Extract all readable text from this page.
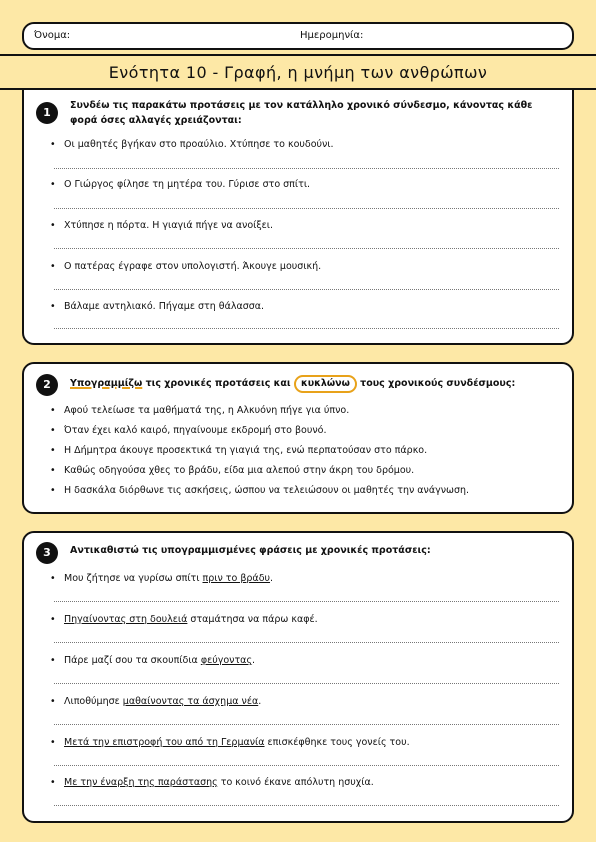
Όνομα:	Ημερομηνία:
Ενότητα 10 - Γραφή, η μνήμη των ανθρώπων
1
Συνδέω τις παρακάτω προτάσεις με τον κατάλληλο χρονικό σύνδεσμο, κάνοντας κάθε φορά όσες αλλαγές χρειάζονται:
• Οι μαθητές βγήκαν στο προαύλιο. Χτύπησε το κουδούνι.
• Ο Γιώργος φίλησε τη μητέρα του. Γύρισε στο σπίτι.
• Χτύπησε η πόρτα. Η γιαγιά πήγε να ανοίξει.
• Ο πατέρας έγραφε στον υπολογιστή. Άκουγε μουσική.
• Βάλαμε αντηλιακό. Πήγαμε στη θάλασσα.
2	Υπογραμμίζω τις χρονικές προτάσεις και κυκλώνω τους χρονικούς συνδέσμους:
• Αφού τελείωσε τα μαθήματά της, η Αλκυόνη πήγε για ύπνο.
• Όταν έχει καλό καιρό, πηγαίνουμε εκδρομή στο βουνό.
• Η Δήμητρα άκουγε προσεκτικά τη γιαγιά της, ενώ περπατούσαν στο πάρκο.
• Καθώς οδηγούσα χθες το βράδυ, είδα μια αλεπού στην άκρη του δρόμου.
• Η δασκάλα διόρθωνε τις ασκήσεις, ώσπου να τελειώσουν οι μαθητές την ανάγνωση.
3	Αντικαθιστώ τις υπογραμμισμένες φράσεις με χρονικές προτάσεις:
• Μου ζήτησε να γυρίσω σπίτι πριν το βράδυ.
• Πηγαίνοντας στη δουλειά σταμάτησα να πάρω καφέ.
• Πάρε μαζί σου τα σκουπίδια φεύγοντας.
• Λιποθύμησε μαθαίνοντας τα άσχημα νέα.
• Μετά την επιστροφή του από τη Γερμανία επισκέφθηκε τους γονείς του.
• Με την έναρξη της παράστασης το κοινό έκανε απόλυτη ησυχία.
